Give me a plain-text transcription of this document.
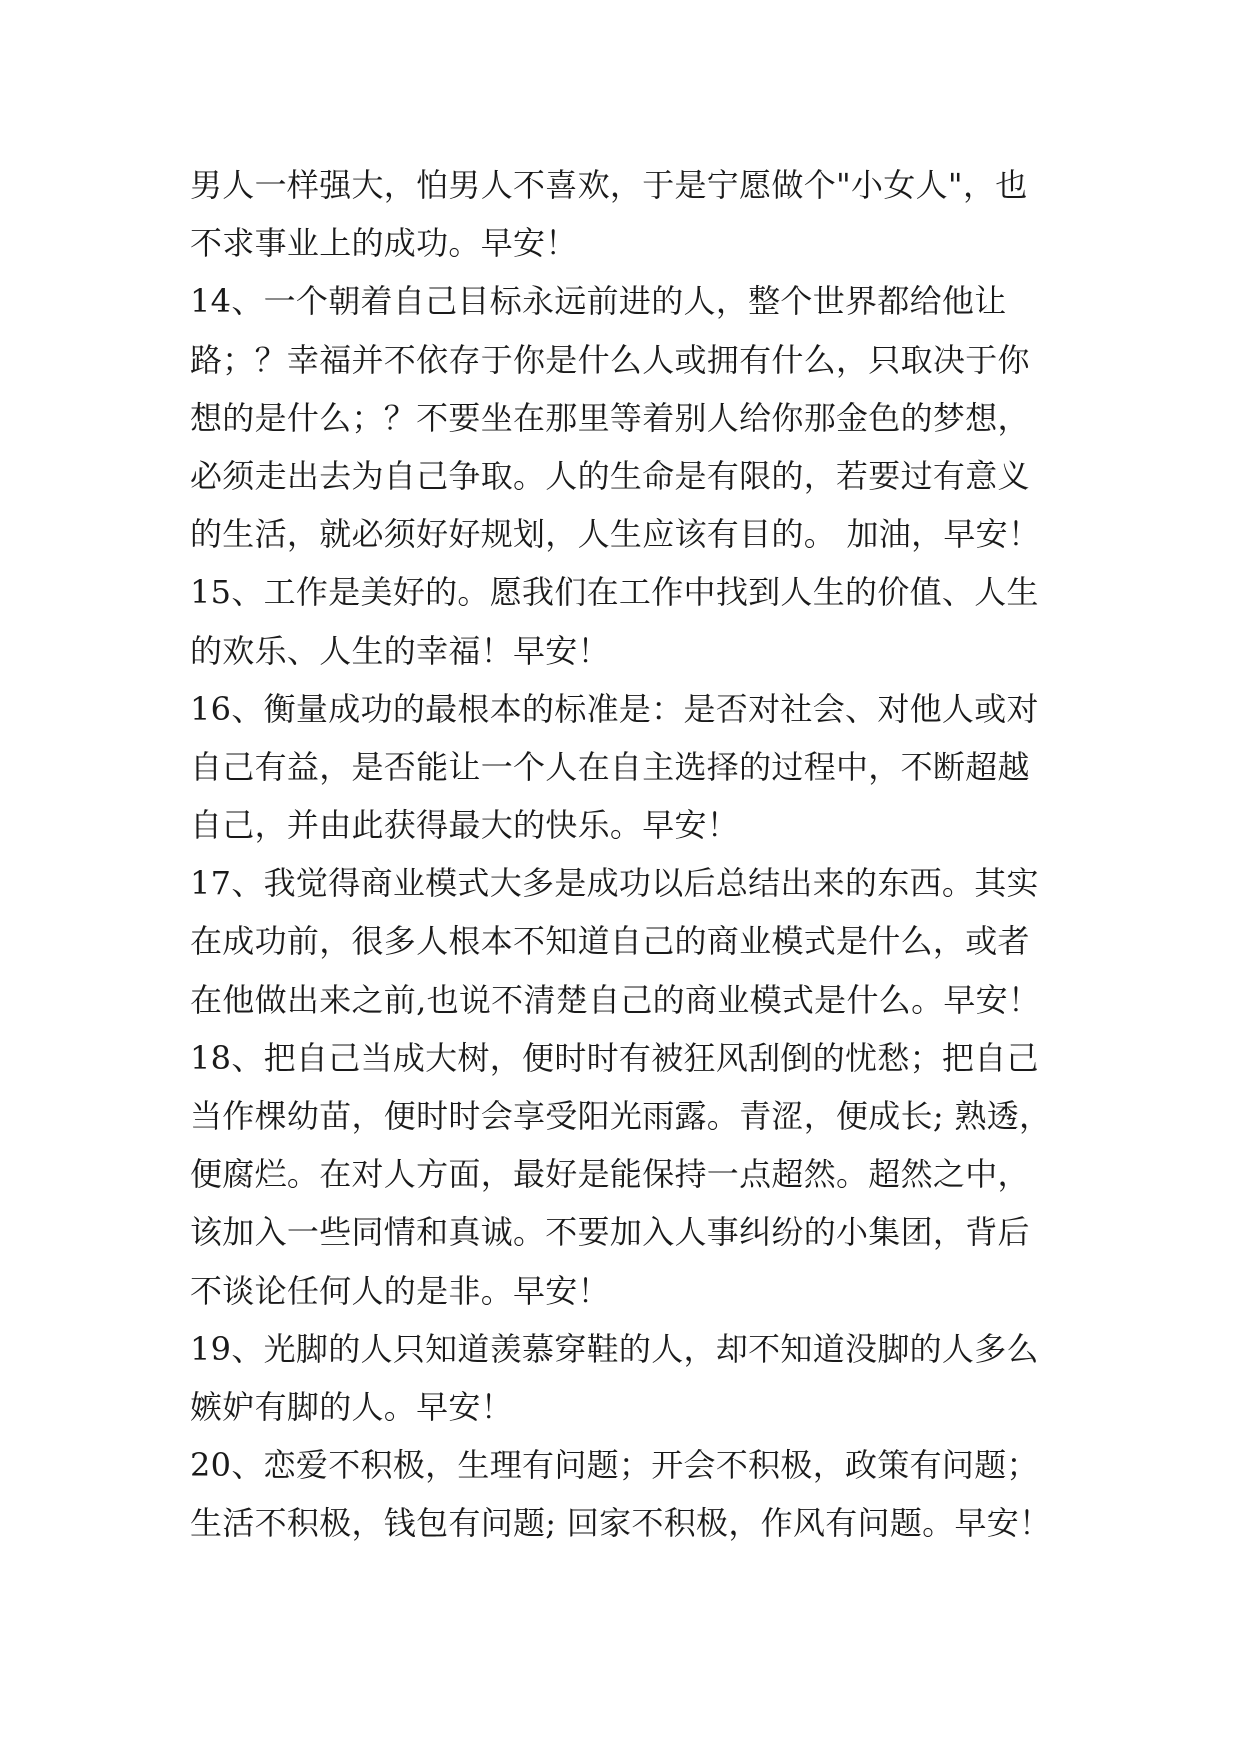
男人一样强大，怕男人不喜欢，于是宁愿做个"小女人"，也
不求事业上的成功。早安！
14、一个朝着自己目标永远前进的人，整个世界都给他让
路；？幸福并不依存于你是什么人或拥有什么，只取决于你
想的是什么；？不要坐在那里等着别人给你那金色的梦想，
必须走出去为自己争取。人的生命是有限的，若要过有意义
的生活，就必须好好规划，人生应该有目的。 加油，早安！
15、工作是美好的。愿我们在工作中找到人生的价值、人生
的欢乐、人生的幸福！早安！
16、衡量成功的最根本的标准是：是否对社会、对他人或对
自己有益，是否能让一个人在自主选择的过程中，不断超越
自己，并由此获得最大的快乐。早安！
17、我觉得商业模式大多是成功以后总结出来的东西。其实
在成功前，很多人根本不知道自己的商业模式是什么，或者
在他做出来之前,也说不清楚自己的商业模式是什么。早安！
18、把自己当成大树，便时时有被狂风刮倒的忧愁；把自己
当作棵幼苗，便时时会享受阳光雨露。青涩，便成长; 熟透，
便腐烂。在对人方面，最好是能保持一点超然。超然之中，
该加入一些同情和真诚。不要加入人事纠纷的小集团，背后
不谈论任何人的是非。早安！
19、光脚的人只知道羡慕穿鞋的人，却不知道没脚的人多么
嫉妒有脚的人。早安！
20、恋爱不积极，生理有问题；开会不积极，政策有问题；
生活不积极，钱包有问题; 回家不积极，作风有问题。早安！
